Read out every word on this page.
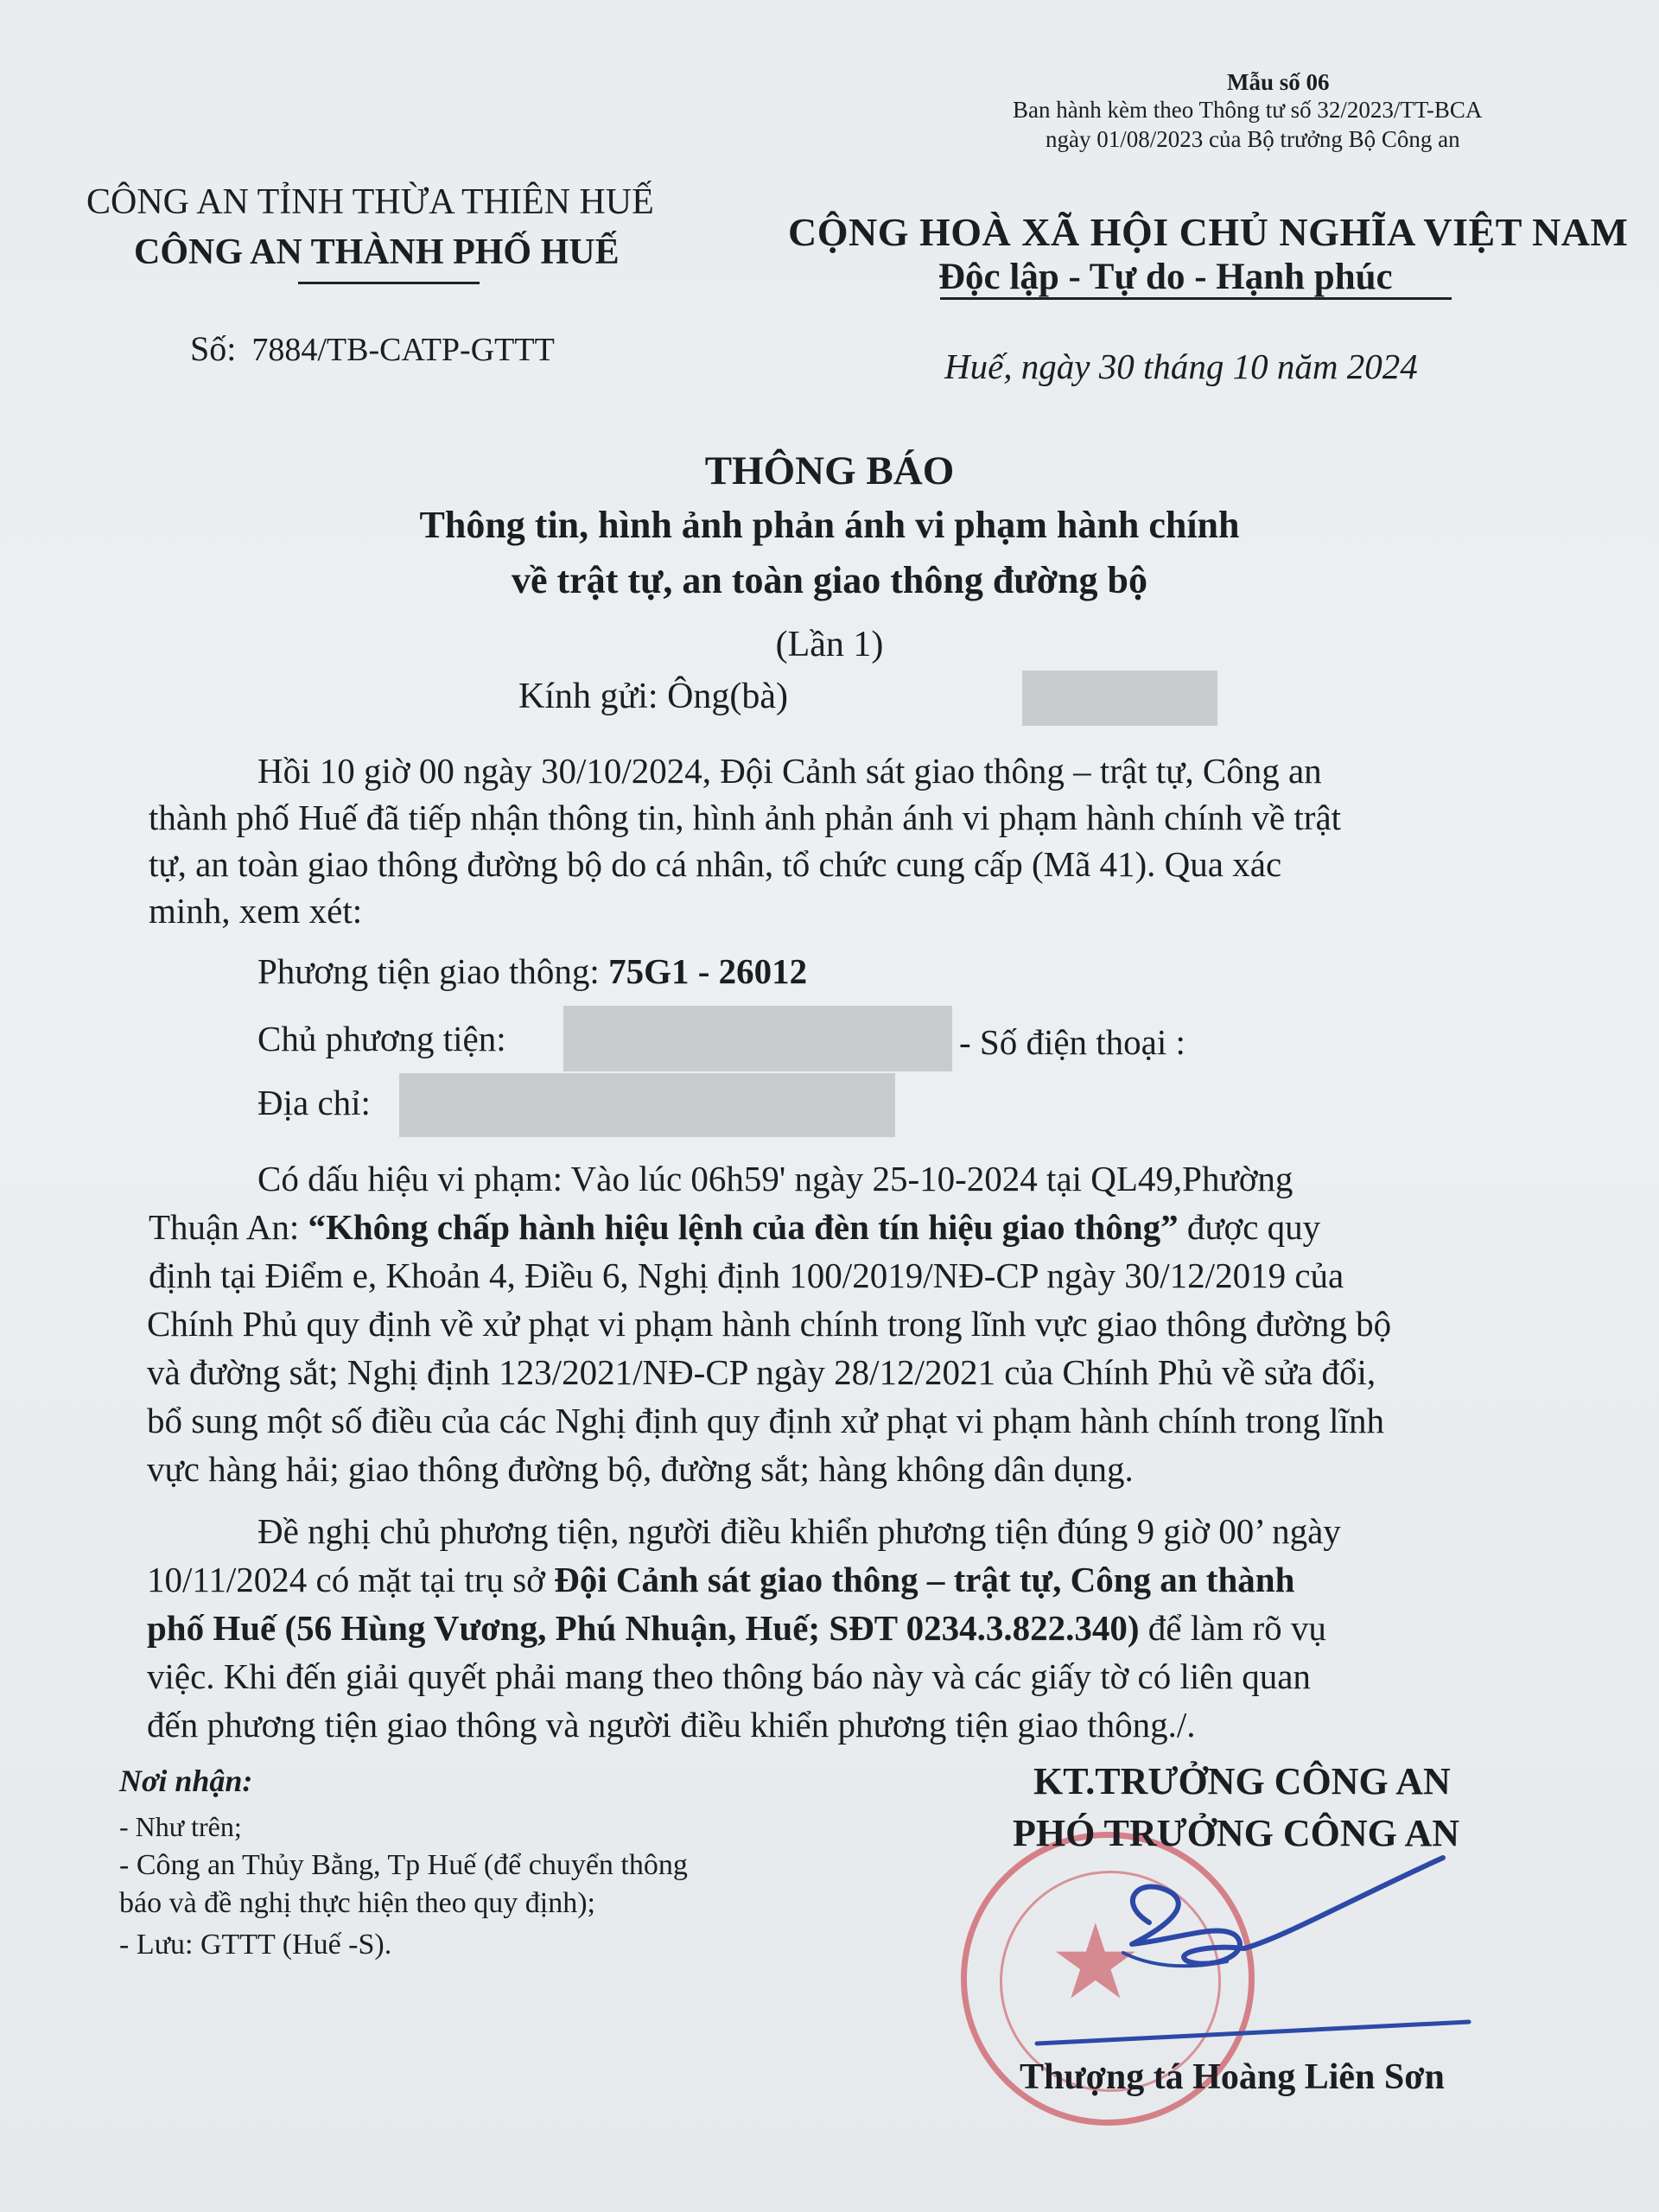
Mẫu số 06
Ban hành kèm theo Thông tư số 32/2023/TT-BCA
ngày 01/08/2023 của Bộ trưởng Bộ Công an
CÔNG AN TỈNH THỪA THIÊN HUẾ
CÔNG AN THÀNH PHỐ HUẾ
Số: 7884/TB-CATP-GTTT
CỘNG HOÀ XÃ HỘI CHỦ NGHĨA VIỆT NAM
Độc lập - Tự do - Hạnh phúc
Huế, ngày 30 tháng 10 năm 2024
THÔNG BÁO
Thông tin, hình ảnh phản ánh vi phạm hành chính
về trật tự, an toàn giao thông đường bộ
(Lần 1)
Kính gửi: Ông(bà)
Hồi 10 giờ 00 ngày 30/10/2024, Đội Cảnh sát giao thông – trật tự, Công an
thành phố Huế đã tiếp nhận thông tin, hình ảnh phản ánh vi phạm hành chính về trật
tự, an toàn giao thông đường bộ do cá nhân, tổ chức cung cấp (Mã 41). Qua xác
minh, xem xét:
Phương tiện giao thông: 75G1 - 26012
Chủ phương tiện:	- Số điện thoại :
Địa chỉ:
Có dấu hiệu vi phạm: Vào lúc 06h59' ngày 25-10-2024 tại QL49,Phường
Thuận An: “Không chấp hành hiệu lệnh của đèn tín hiệu giao thông” được quy
định tại Điểm e, Khoản 4, Điều 6, Nghị định 100/2019/NĐ-CP ngày 30/12/2019 của
Chính Phủ quy định về xử phạt vi phạm hành chính trong lĩnh vực giao thông đường bộ
và đường sắt; Nghị định 123/2021/NĐ-CP ngày 28/12/2021 của Chính Phủ về sửa đổi,
bổ sung một số điều của các Nghị định quy định xử phạt vi phạm hành chính trong lĩnh
vực hàng hải; giao thông đường bộ, đường sắt; hàng không dân dụng.
Đề nghị chủ phương tiện, người điều khiển phương tiện đúng 9 giờ 00’ ngày
10/11/2024 có mặt tại trụ sở Đội Cảnh sát giao thông – trật tự, Công an thành
phố Huế (56 Hùng Vương, Phú Nhuận, Huế; SĐT 0234.3.822.340) để làm rõ vụ
việc. Khi đến giải quyết phải mang theo thông báo này và các giấy tờ có liên quan
đến phương tiện giao thông và người điều khiển phương tiện giao thông./.
Nơi nhận:
- Như trên;
- Công an Thủy Bằng, Tp Huế (để chuyển thông
báo và đề nghị thực hiện theo quy định);
- Lưu: GTTT (Huế -S).	★
KT.TRƯỞNG CÔNG AN
PHÓ TRƯỞNG CÔNG AN
Thượng tá Hoàng Liên Sơn
